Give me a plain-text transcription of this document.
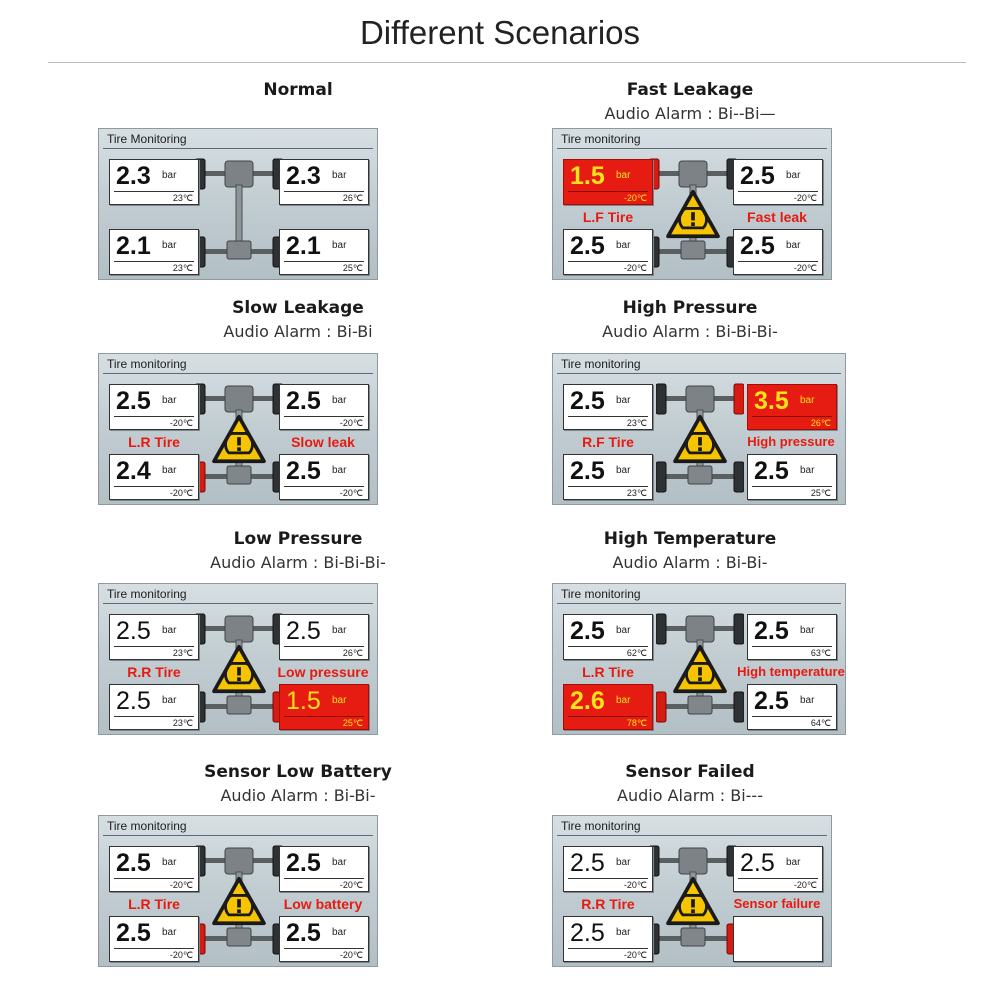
Different Scenarios
Normal
Tire Monitoring
2.3 bar
23℃
2.3 bar
26℃
2.1 bar
23℃
2.1 bar
25℃
Fast Leakage
Audio Alarm : Bi--Bi—
Tire monitoring
1.5 bar
-20℃
2.5 bar
-20℃
2.5 bar
-20℃
2.5 bar
-20℃
L.F Tire	Fast leak
Slow Leakage
Audio Alarm : Bi-Bi
Tire monitoring
2.5 bar
-20℃
2.5 bar
-20℃
2.4 bar
-20℃
2.5 bar
-20℃
L.R Tire	Slow leak
High Pressure
Audio Alarm : Bi-Bi-Bi-
Tire monitoring
2.5 bar
23℃
3.5 bar
26℃
2.5 bar
23℃
2.5 bar
25℃
R.F Tire	High pressure
Low Pressure
Audio Alarm : Bi-Bi-Bi-
Tire monitoring
2.5 bar
23℃
2.5 bar
26℃
2.5 bar
23℃
1.5 bar
25℃
R.R Tire	Low pressure
High Temperature
Audio Alarm : Bi-Bi-
Tire monitoring
2.5 bar
62℃
2.5 bar
63℃
2.6 bar
78℃
2.5 bar
64℃
L.R Tire	High temperature
Sensor Low Battery
Audio Alarm : Bi-Bi-
Tire monitoring
2.5 bar
-20℃
2.5 bar
-20℃
2.5 bar
-20℃
2.5 bar
-20℃
L.R Tire	Low battery
Sensor Failed
Audio Alarm : Bi---
Tire monitoring
2.5 bar
-20℃
2.5 bar
-20℃
2.5 bar
-20℃
R.R Tire	Sensor failure
